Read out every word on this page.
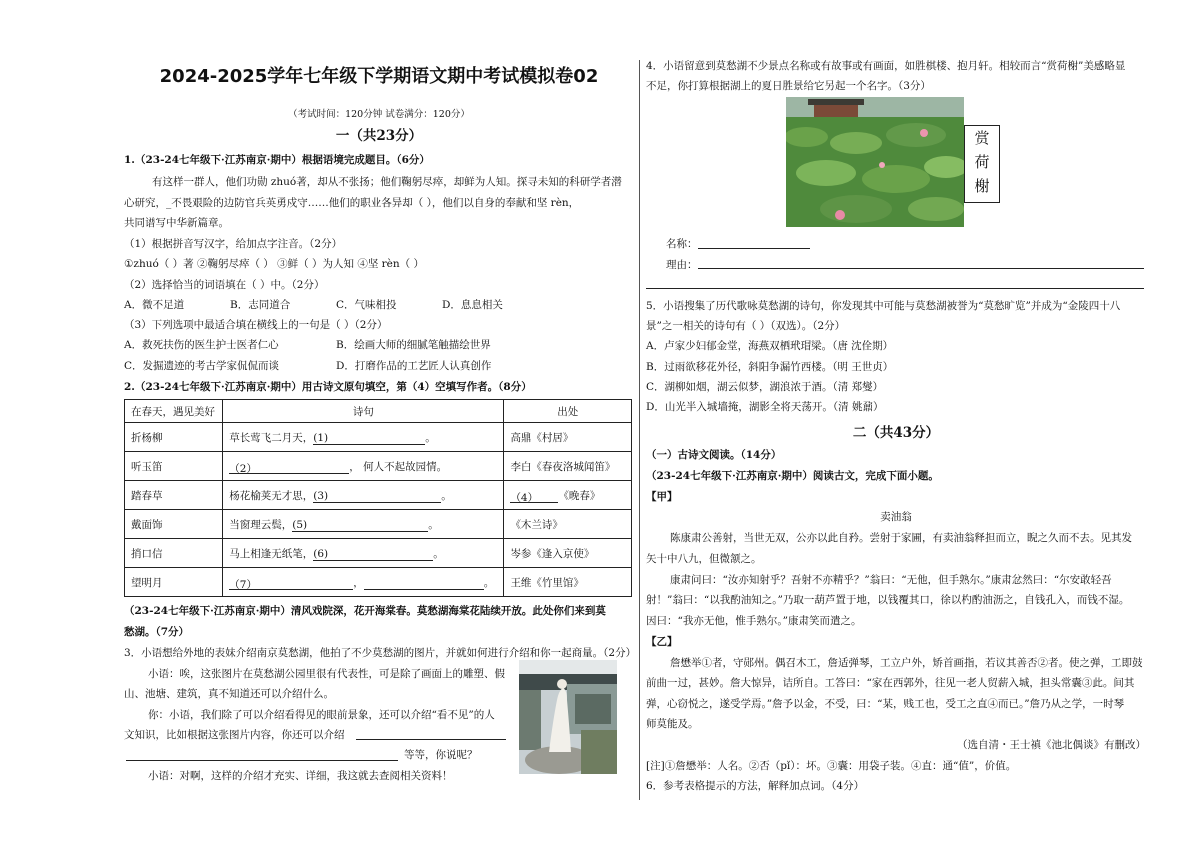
2024-2025学年七年级下学期语文期中考试模拟卷02
（考试时间：120分钟 试卷满分：120分）
一（共23分）
1.（23-24七年级下·江苏南京·期中）根据语境完成题目。（6分）
有这样一群人，他们功勋 zhuó著，却从不张扬；他们鞠躬尽瘁，却鲜为人知。探寻未知的科研学者潜
心研究，_不畏艰险的边防官兵英勇戍守……他们的职业各异却（ ），他们以自身的奉献和坚 rèn，
共同谱写中华新篇章。
（1）根据拼音写汉字，给加点字注音。（2分）
①zhuó（ ）著 ②鞠躬尽瘁（ ） ③鲜（ ）为人知 ④坚 rèn（ ）
（2）选择恰当的词语填在（ ）中。（2分）
A．微不足道	B．志同道合	C．气味相投	D．息息相关
（3）下列选项中最适合填在横线上的一句是（ ）（2分）
A．救死扶伤的医生护士医者仁心	B．绘画大师的细腻笔触描绘世界
C．发掘遗迹的考古学家侃侃而谈	D．打磨作品的工艺匠人认真创作
2.（23-24七年级下·江苏南京·期中）用古诗文原句填空，第（4）空填写作者。（8分）
在春天，遇见美好	诗句	出处
折杨柳	草长莺飞二月天，(1) 。	高鼎《村居》
听玉笛	（2） ， 何人不起故园情。	李白《春夜洛城闻笛》
踏春草	杨花榆荚无才思，(3) 。	（4） 《晚春》
戴面饰	当窗理云鬓，(5) 。	《木兰诗》
捎口信	马上相逢无纸笔，(6) 。	岑参《逢入京使》
望明月	（7） ， 。	王维《竹里馆》
（23-24七年级下·江苏南京·期中）清风戏院深，花开海棠春。莫愁湖海棠花陆续开放。此处你们来到莫
愁湖。（7分）
3．小语想给外地的表妹介绍南京莫愁湖，他拍了不少莫愁湖的图片，并就如何进行介绍和你一起商量。（2分）
小语：唉，这张图片在莫愁湖公园里很有代表性，可是除了画面上的雕塑、假
山、池塘、建筑，真不知道还可以介绍什么。
你：小语，我们除了可以介绍看得见的眼前景象，还可以介绍“看不见”的人
文知识，比如根据这张图片内容，你还可以介绍
等等，你说呢？
小语：对啊，这样的介绍才充实、详细，我这就去查阅相关资料！
4．小语留意到莫愁湖不少景点名称或有故事或有画面，如胜棋楼、抱月轩。相较而言“赏荷榭”美感略显
不足，你打算根据湖上的夏日胜景给它另起一个名字。（3分）
赏
荷
榭
名称：
理由：
5．小语搜集了历代歌咏莫愁湖的诗句，你发现其中可能与莫愁湖被誉为“莫愁旷览”并成为“金陵四十八
景”之一相关的诗句有（ ）（双选）。（2分）
A．卢家少妇郁金堂，海燕双栖玳瑁梁。（唐 沈佺期）
B．过雨欲移花外径，斜阳争漏竹西楼。（明 王世贞）
C．湖柳如烟，湖云似梦，湖浪浓于酒。（清 郑燮）
D．山光半入城墙掩，湖影全将天荡开。（清 姚鼐）
二（共43分）
（一）古诗文阅读。（14分）
（23-24七年级下·江苏南京·期中）阅读古文，完成下面小题。
【甲】
卖油翁
陈康肃公善射，当世无双，公亦以此自矜。尝射于家圃，有卖油翁释担而立，睨之久而不去。见其发
矢十中八九，但微颔之。
康肃问曰：“汝亦知射乎？吾射不亦精乎？”翁曰：“无他，但手熟尔。”康肃忿然曰：“尔安敢轻吾
射！”翁曰：“以我酌油知之。”乃取一葫芦置于地，以钱覆其口，徐以杓酌油沥之，自钱孔入，而钱不湿。
因曰：“我亦无他，惟手熟尔。”康肃笑而遣之。
【乙】
詹懋举①者，守郧州。偶召木工，詹适弹琴，工立户外，矫首画指，若议其善否②者。使之弹，工即鼓
前曲一过，甚妙。詹大惊异，诘所自。工答曰：“家在西郭外，往见一老人贸薪入城，担头常囊③此。间其
弹，心窃悦之，遂受学焉。”詹予以金，不受，曰：“某，贱工也，受工之直④而已。”詹乃从之学，一时琴
师莫能及。
（选自清・王士禛《池北偶谈》有删改）
[注]①詹懋举：人名。②否（pǐ）：坏。③囊：用袋子装。④直：通“值”，价值。
6．参考表格提示的方法，解释加点词。（4分）
